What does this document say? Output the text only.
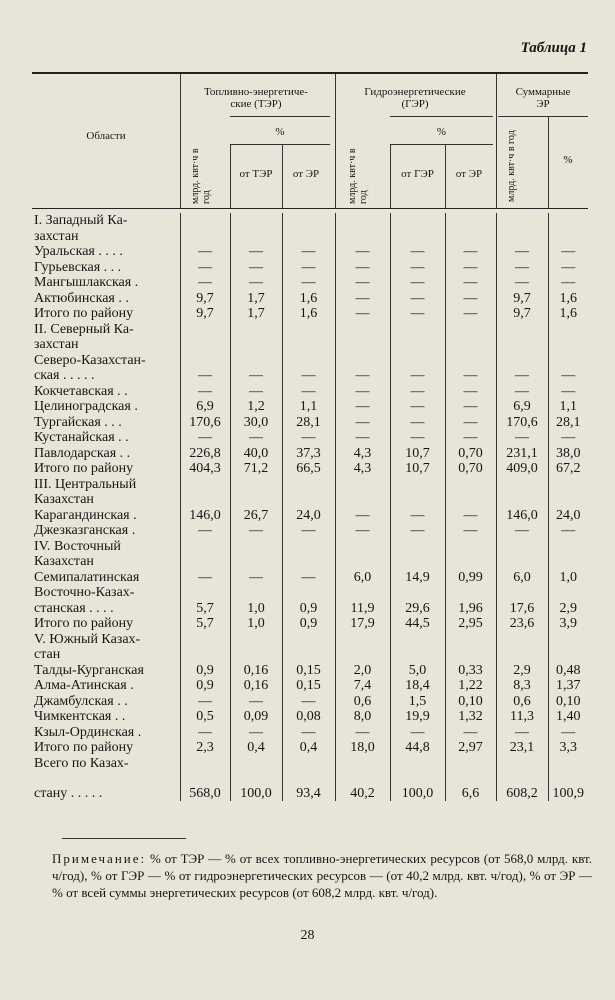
Таблица 1
Области
Топливно-энергетиче-
ские (ТЭР)
%
млрд. квт·ч в год
от ТЭР	от ЭР
Гидроэнергетические
(ГЭР)
%
млрд. квт·ч в год
от ГЭР	от ЭР
Суммарные
ЭР
млрд. квт·ч в год	%
I. Западный Ка-								
захстан								
Уральская . . . .	—	—	—	—	—	—	—	—
Гурьевская . . .	—	—	—	—	—	—	—	—
Мангышлакская .	—	—	—	—	—	—	—	—
Актюбинская . .	9,7	1,7	1,6	—	—	—	9,7	1,6
Итого по району	9,7	1,7	1,6	—	—	—	9,7	1,6
II. Северный Ка-								
захстан								
Северо-Казахстан-								
ская . . . . .	—	—	—	—	—	—	—	—
Кокчетавская . .	—	—	—	—	—	—	—	—
Целиноградская .	6,9	1,2	1,1	—	—	—	6,9	1,1
Тургайская . . .	170,6	30,0	28,1	—	—	—	170,6	28,1
Кустанайская . .	—	—	—	—	—	—	—	—
Павлодарская . .	226,8	40,0	37,3	4,3	10,7	0,70	231,1	38,0
Итого по району	404,3	71,2	66,5	4,3	10,7	0,70	409,0	67,2
III. Центральный								
Казахстан								
Карагандинская .	146,0	26,7	24,0	—	—	—	146,0	24,0
Джезказганская .	—	—	—	—	—	—	—	—
IV. Восточный								
Казахстан								
Семипалатинская	—	—	—	6,0	14,9	0,99	6,0	1,0
Восточно-Казах-								
станская . . . .	5,7	1,0	0,9	11,9	29,6	1,96	17,6	2,9
Итого по району	5,7	1,0	0,9	17,9	44,5	2,95	23,6	3,9
V. Южный Казах-								
стан								
Талды-Курганская	0,9	0,16	0,15	2,0	5,0	0,33	2,9	0,48
Алма-Атинская .	0,9	0,16	0,15	7,4	18,4	1,22	8,3	1,37
Джамбулская . .	—	—	—	0,6	1,5	0,10	0,6	0,10
Чимкентская . .	0,5	0,09	0,08	8,0	19,9	1,32	11,3	1,40
Кзыл-Ординская .	—	—	—	—	—	—	—	—
Итого по району	2,3	0,4	0,4	18,0	44,8	2,97	23,1	3,3
Всего по Казах-								
стану . . . . .	568,0	100,0	93,4	40,2	100,0	6,6	608,2	100,9
Примечание: % от ТЭР — % от всех топливно-энергетических ресурсов (от 568,0 млрд. квт. ч/год), % от ГЭР — % от гидроэнергетических ресурсов — (от 40,2 млрд. квт. ч/год), % от ЭР — % от всей суммы энергетических ресурсов (от 608,2 млрд. квт. ч/год).
28
